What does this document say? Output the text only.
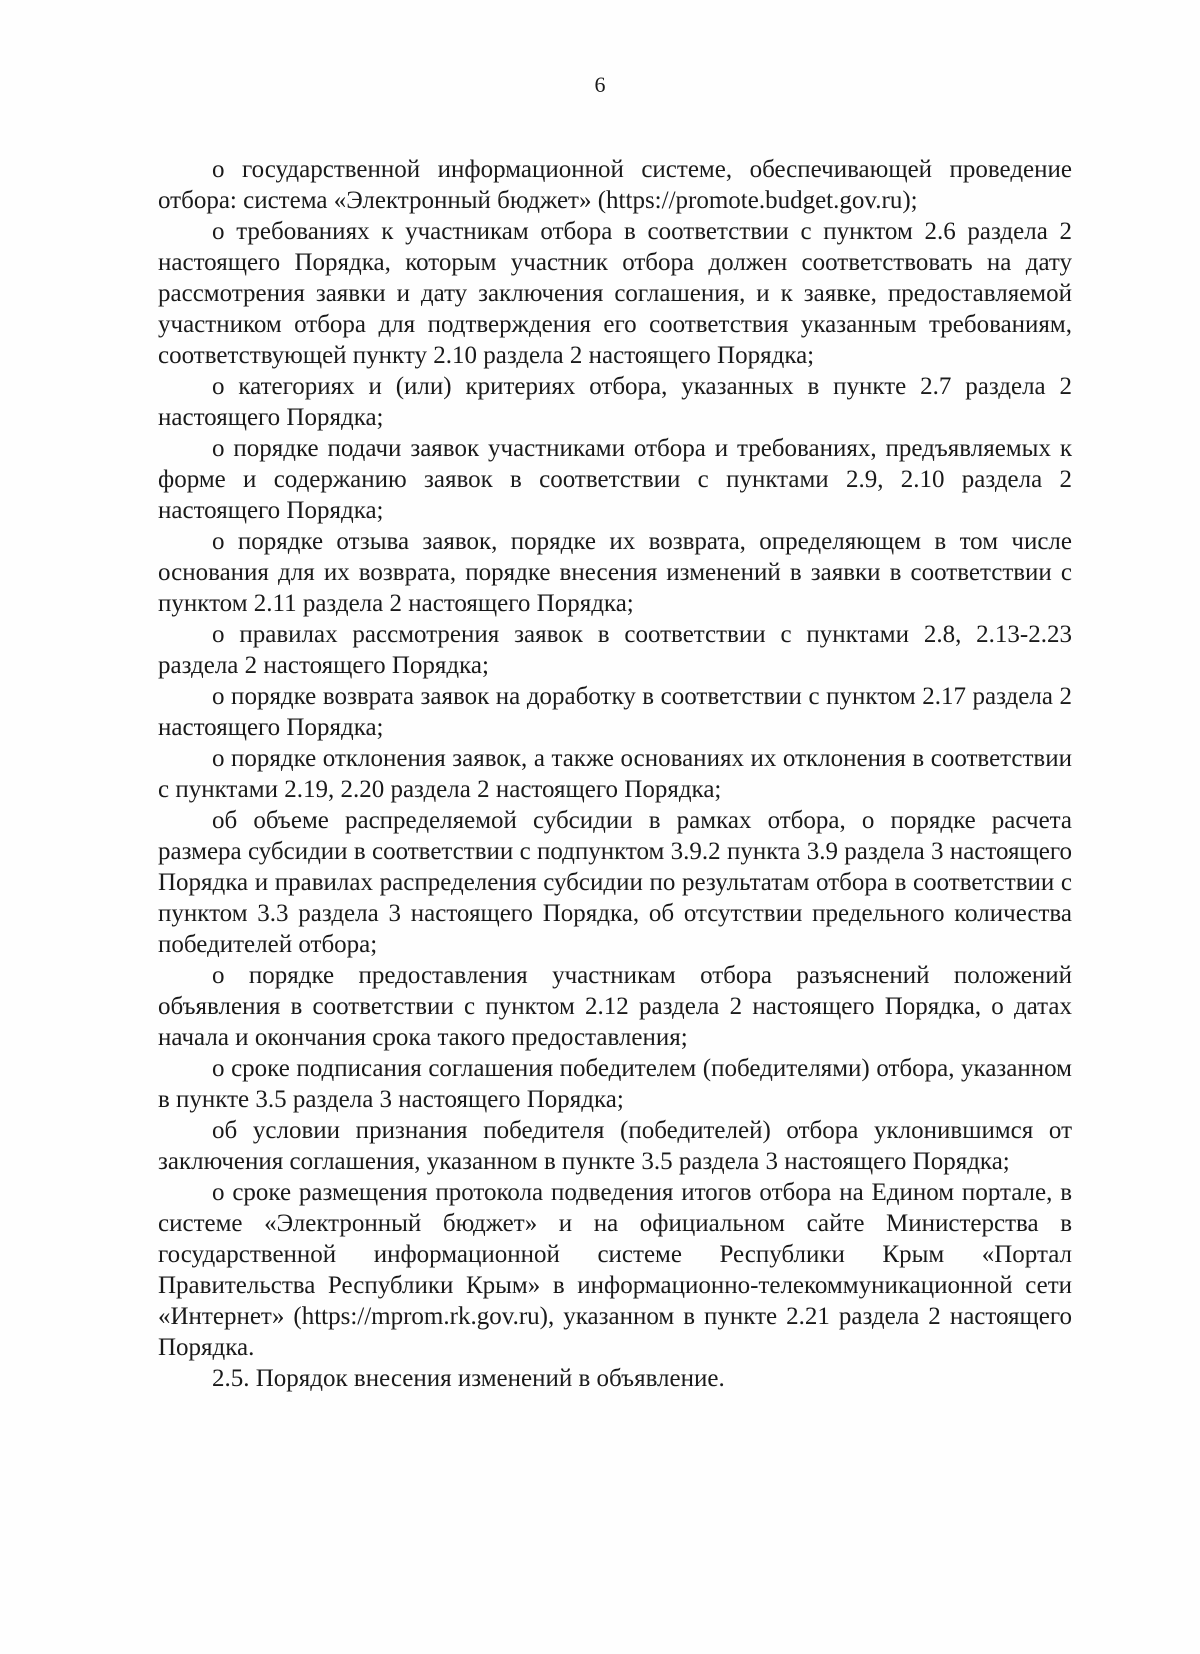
6

о государственной информационной системе, обеспечивающей проведение отбора: система «Электронный бюджет» (https://promote.budget.gov.ru);

о требованиях к участникам отбора в соответствии с пунктом 2.6 раздела 2 настоящего Порядка, которым участник отбора должен соответствовать на дату рассмотрения заявки и дату заключения соглашения, и к заявке, предоставляемой участником отбора для подтверждения его соответствия указанным требованиям, соответствующей пункту 2.10 раздела 2 настоящего Порядка;

о категориях и (или) критериях отбора, указанных в пункте 2.7 раздела 2 настоящего Порядка;

о порядке подачи заявок участниками отбора и требованиях, предъявляемых к форме и содержанию заявок в соответствии с пунктами 2.9, 2.10 раздела 2 настоящего Порядка;

о порядке отзыва заявок, порядке их возврата, определяющем в том числе основания для их возврата, порядке внесения изменений в заявки в соответствии с пунктом 2.11 раздела 2 настоящего Порядка;

о правилах рассмотрения заявок в соответствии с пунктами 2.8, 2.13-2.23 раздела 2 настоящего Порядка;

о порядке возврата заявок на доработку в соответствии с пунктом 2.17 раздела 2 настоящего Порядка;

о порядке отклонения заявок, а также основаниях их отклонения в соответствии с пунктами 2.19, 2.20 раздела 2 настоящего Порядка;

об объеме распределяемой субсидии в рамках отбора, о порядке расчета размера субсидии в соответствии с подпунктом 3.9.2 пункта 3.9 раздела 3 настоящего Порядка и правилах распределения субсидии по результатам отбора в соответствии с пунктом 3.3 раздела 3 настоящего Порядка, об отсутствии предельного количества победителей отбора;

о порядке предоставления участникам отбора разъяснений положений объявления в соответствии с пунктом 2.12 раздела 2 настоящего Порядка, о датах начала и окончания срока такого предоставления;

о сроке подписания соглашения победителем (победителями) отбора, указанном в пункте 3.5 раздела 3 настоящего Порядка;

об условии признания победителя (победителей) отбора уклонившимся от заключения соглашения, указанном в пункте 3.5 раздела 3 настоящего Порядка;

о сроке размещения протокола подведения итогов отбора на Едином портале, в системе «Электронный бюджет» и на официальном сайте Министерства в государственной информационной системе Республики Крым «Портал Правительства Республики Крым» в информационно-телекоммуникационной сети «Интернет» (https://mprom.rk.gov.ru), указанном в пункте 2.21 раздела 2 настоящего Порядка.

2.5. Порядок внесения изменений в объявление.
